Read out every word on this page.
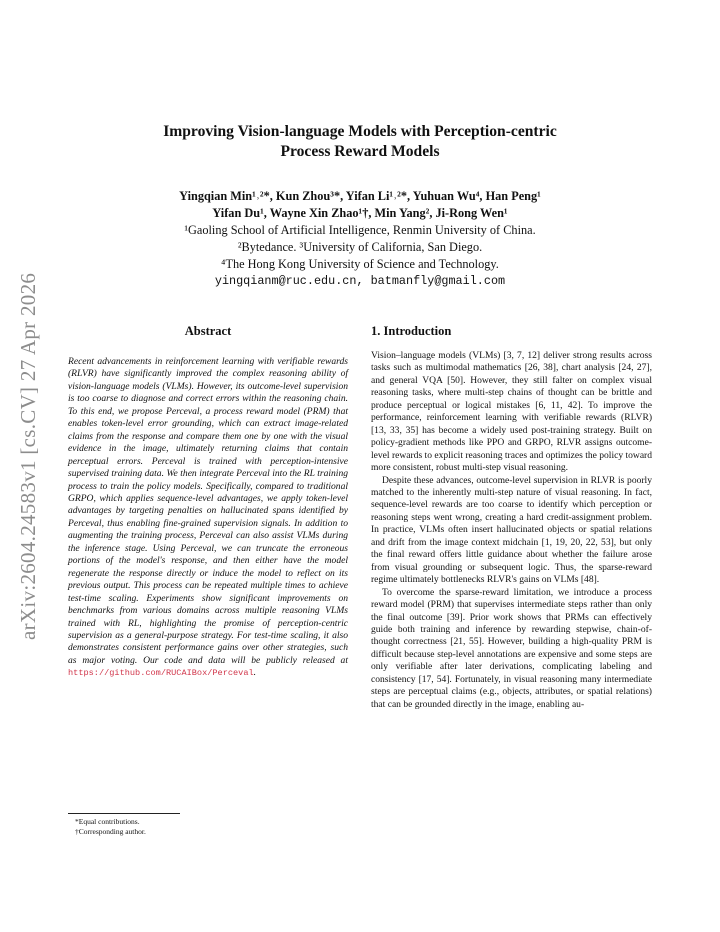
arXiv:2604.24583v1 [cs.CV] 27 Apr 2026
Improving Vision-language Models with Perception-centric
Process Reward Models
Yingqian Min¹˒²*, Kun Zhou³*, Yifan Li¹˒²*, Yuhuan Wu⁴, Han Peng¹
Yifan Du¹, Wayne Xin Zhao¹†, Min Yang², Ji-Rong Wen¹
¹Gaoling School of Artificial Intelligence, Renmin University of China.
²Bytedance. ³University of California, San Diego.
⁴The Hong Kong University of Science and Technology.
yingqianm@ruc.edu.cn, batmanfly@gmail.com
Abstract
Recent advancements in reinforcement learning with verifiable rewards (RLVR) have significantly improved the complex reasoning ability of vision-language models (VLMs). However, its outcome-level supervision is too coarse to diagnose and correct errors within the reasoning chain. To this end, we propose Perceval, a process reward model (PRM) that enables token-level error grounding, which can extract image-related claims from the response and compare them one by one with the visual evidence in the image, ultimately returning claims that contain perceptual errors. Perceval is trained with perception-intensive supervised training data. We then integrate Perceval into the RL training process to train the policy models. Specifically, compared to traditional GRPO, which applies sequence-level advantages, we apply token-level advantages by targeting penalties on hallucinated spans identified by Perceval, thus enabling fine-grained supervision signals. In addition to augmenting the training process, Perceval can also assist VLMs during the inference stage. Using Perceval, we can truncate the erroneous portions of the model's response, and then either have the model regenerate the response directly or induce the model to reflect on its previous output. This process can be repeated multiple times to achieve test-time scaling. Experiments show significant improvements on benchmarks from various domains across multiple reasoning VLMs trained with RL, highlighting the promise of perception-centric supervision as a general-purpose strategy. For test-time scaling, it also demonstrates consistent performance gains over other strategies, such as major voting. Our code and data will be publicly released at https://github.com/RUCAIBox/Perceval.
1. Introduction

Vision–language models (VLMs) [3, 7, 12] deliver strong results across tasks such as multimodal mathematics [26, 38], chart analysis [24, 27], and general VQA [50]. However, they still falter on complex visual reasoning tasks, where multi-step chains of thought can be brittle and produce perceptual or logical mistakes [6, 11, 42]. To improve the performance, reinforcement learning with verifiable rewards (RLVR) [13, 33, 35] has become a widely used post-training strategy. Built on policy-gradient methods like PPO and GRPO, RLVR assigns outcome-level rewards to explicit reasoning traces and optimizes the policy toward more consistent, robust multi-step visual reasoning.

Despite these advances, outcome-level supervision in RLVR is poorly matched to the inherently multi-step nature of visual reasoning. In fact, sequence-level rewards are too coarse to identify which perception or reasoning steps went wrong, creating a hard credit-assignment problem. In practice, VLMs often insert hallucinated objects or spatial relations and drift from the image context midchain [1, 19, 20, 22, 53], but only the final reward offers little guidance about whether the failure arose from visual grounding or subsequent logic. Thus, the sparse-reward regime ultimately bottlenecks RLVR's gains on VLMs [48].

To overcome the sparse-reward limitation, we introduce a process reward model (PRM) that supervises intermediate steps rather than only the final outcome [39]. Prior work shows that PRMs can effectively guide both training and inference by rewarding stepwise, chain-of-thought correctness [21, 55]. However, building a high-quality PRM is difficult because step-level annotations are expensive and some steps are only verifiable after later derivations, complicating labeling and consistency [17, 54]. Fortunately, in visual reasoning many intermediate steps are perceptual claims (e.g., objects, attributes, or spatial relations) that can be grounded directly in the image, enabling au-

*Equal contributions.
†Corresponding author.
